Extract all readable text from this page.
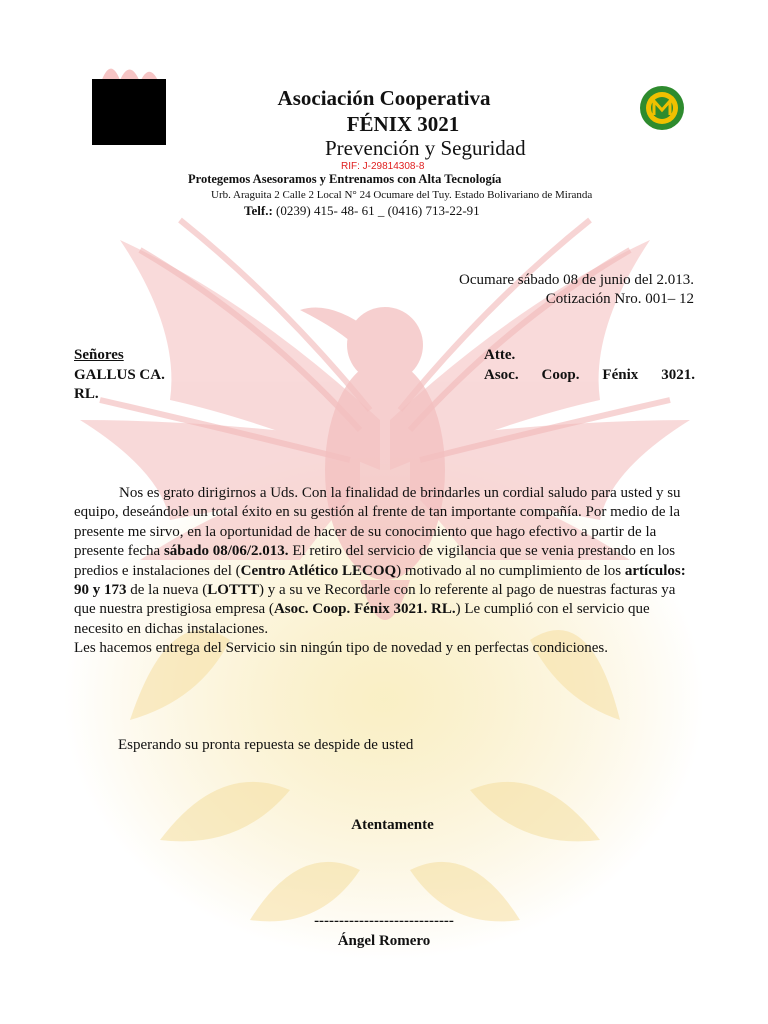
Asociación Cooperativa
FÉNIX 3021
Prevención y Seguridad
RIF: J-29814308-8
Protegemos Asesoramos y Entrenamos con Alta Tecnología
Urb. Araguita 2 Calle 2 Local N° 24 Ocumare del Tuy. Estado Bolivariano de Miranda
Telf.: (0239) 415- 48- 61 _ (0416) 713-22-91
Ocumare sábado 08 de junio del 2.013.
Cotización Nro. 001– 12
Señores
GALLUS CA.
RL.
Atte.
Asoc. Coop. Fénix 3021.

Nos es grato dirigirnos a Uds. Con la finalidad de brindarles un cordial saludo para usted y su equipo, deseándole un total éxito en su gestión al frente de tan importante compañía. Por medio de la presente me sirvo, en la oportunidad de hacer de su conocimiento que hago efectivo a partir de la presente fecha sábado 08/06/2.013. El retiro del servicio de vigilancia que se venia prestando en los predios e instalaciones del (Centro Atlético LECOQ) motivado al no cumplimiento de los artículos: 90 y 173 de la nueva (LOTTT) y a su ve Recordarle con lo referente al pago de nuestras facturas ya que nuestra prestigiosa empresa (Asoc. Coop. Fénix 3021. RL.) Le cumplió con el servicio que necesito en dichas instalaciones.

Les hacemos entrega del Servicio sin ningún tipo de novedad y en perfectas condiciones.

Esperando su pronta repuesta se despide de usted
Atentamente
----------------------------
Ángel Romero
